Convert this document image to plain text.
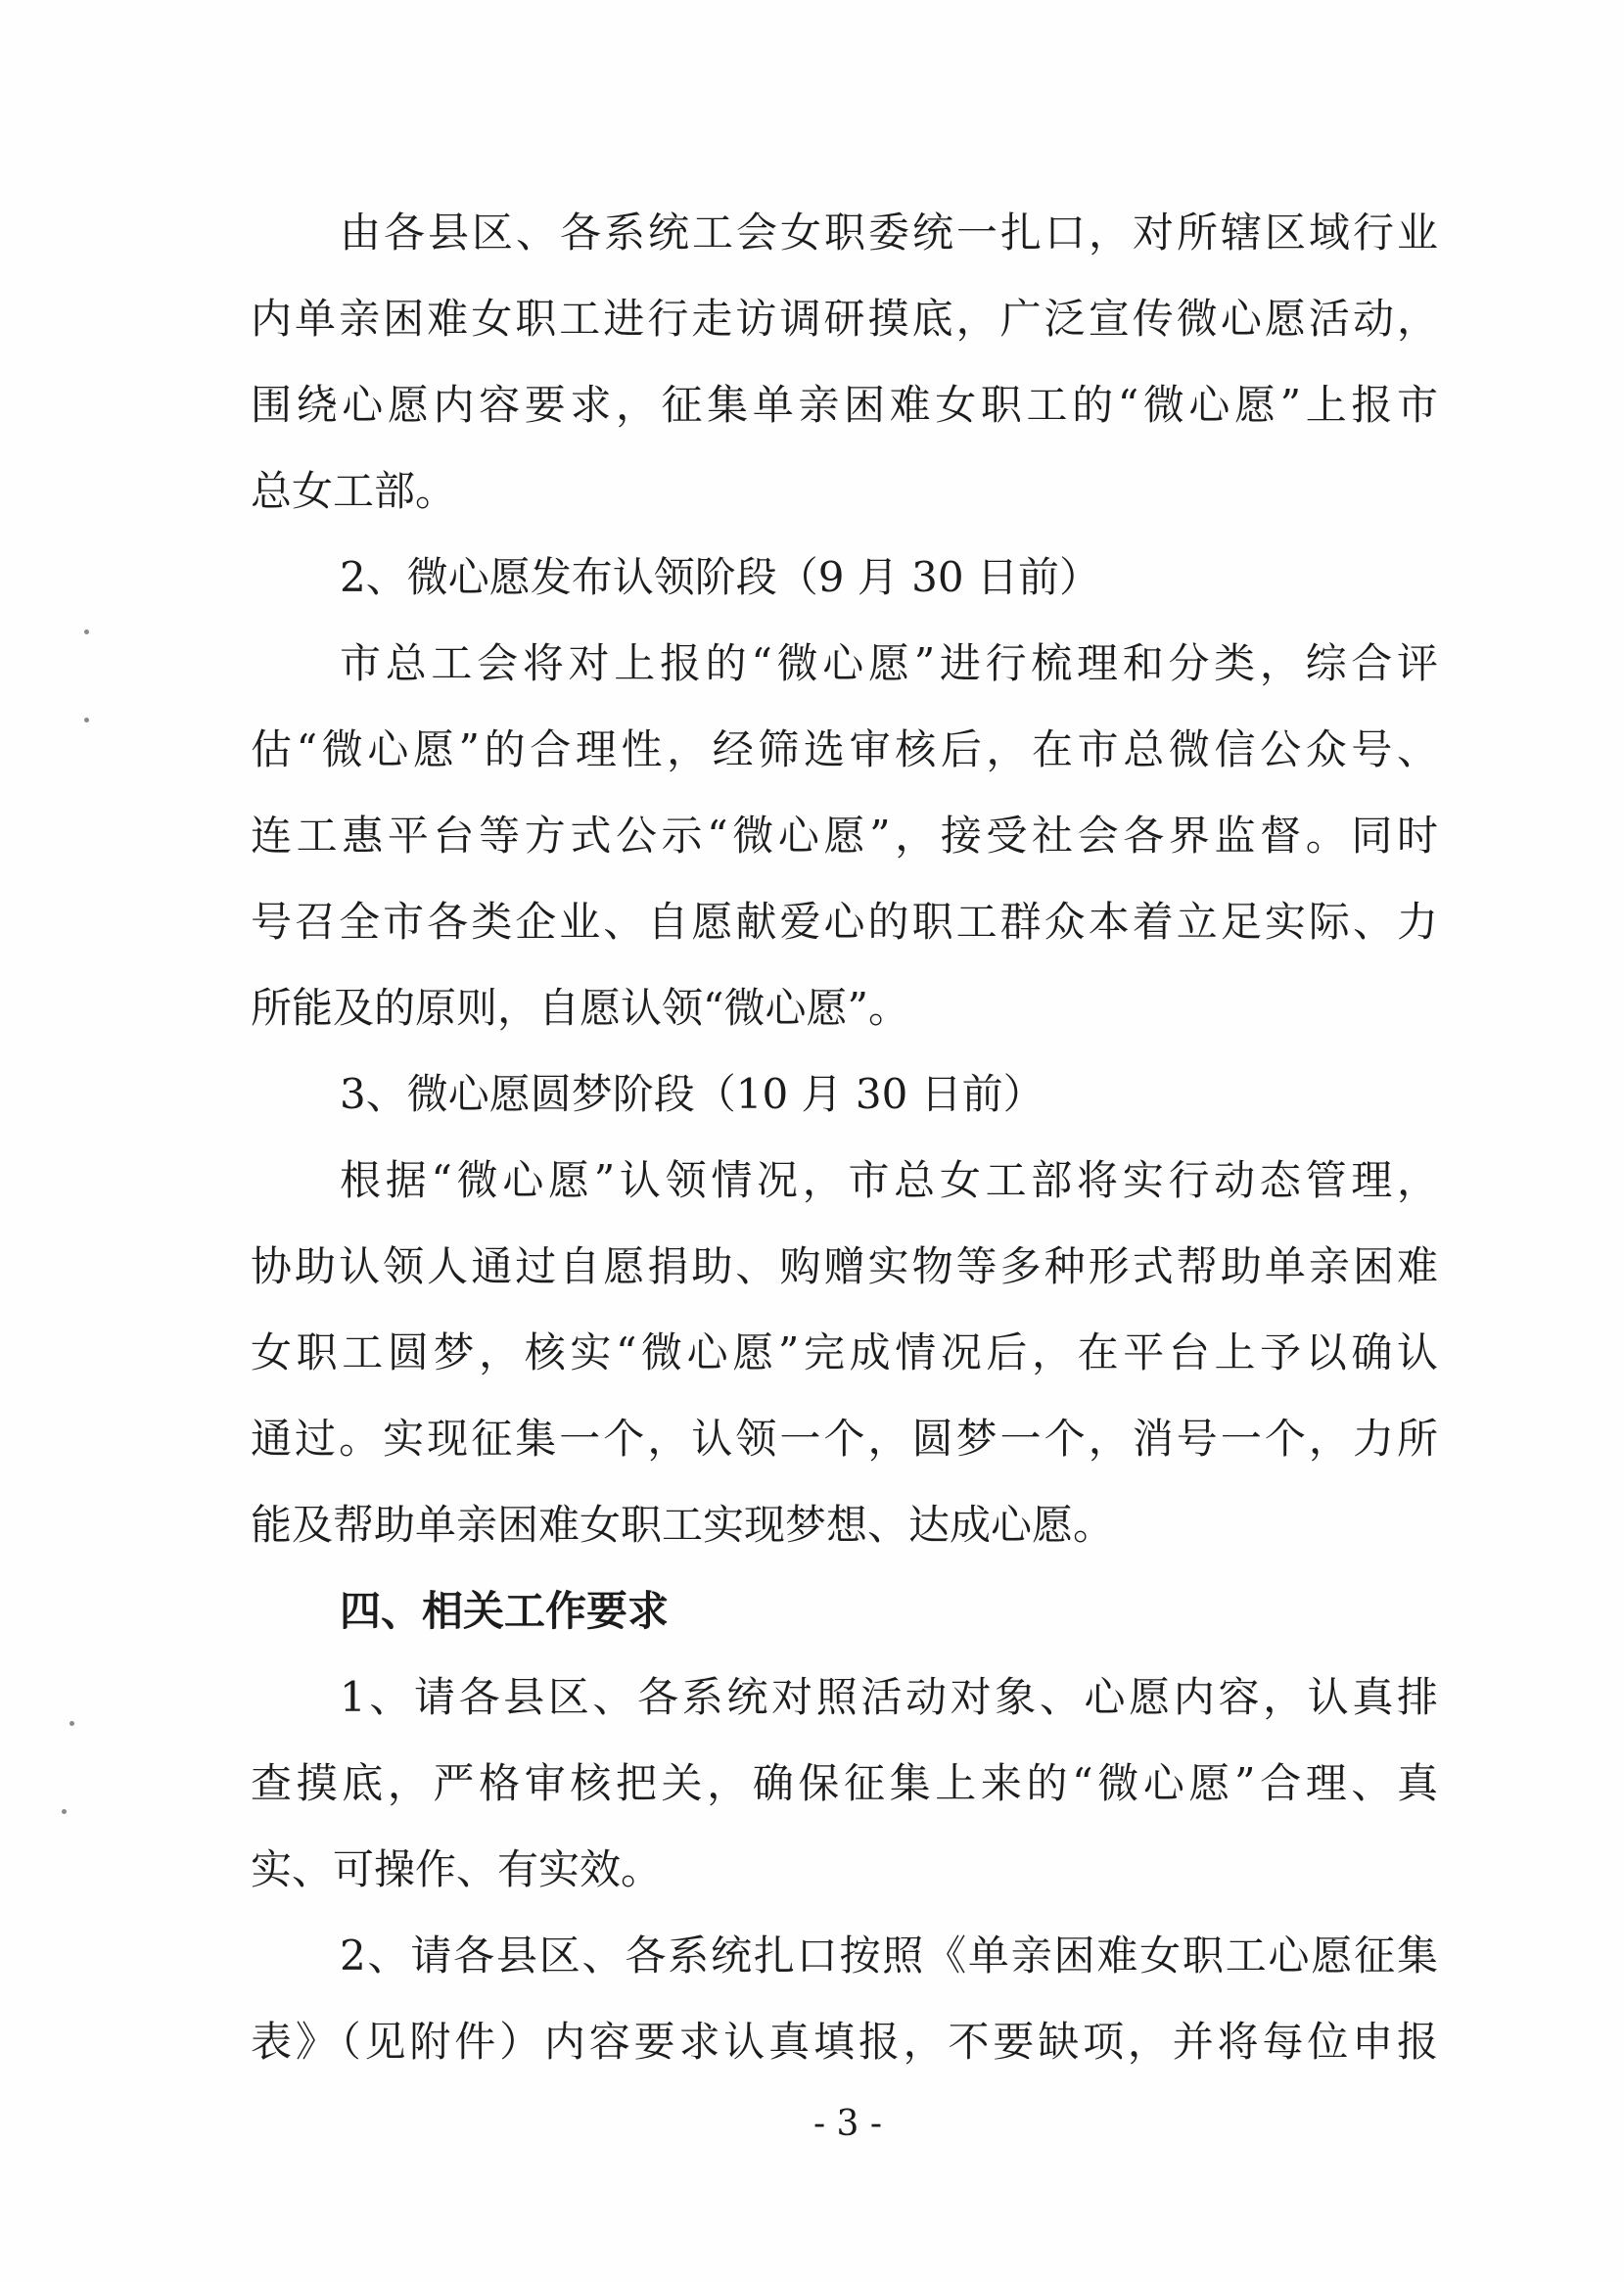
由各县区、各系统工会女职委统一扎口，对所辖区域行业
内单亲困难女职工进行走访调研摸底，广泛宣传微心愿活动，
围绕心愿内容要求，征集单亲困难女职工的“微心愿”上报市
总女工部。
2、微心愿发布认领阶段（9 月 30 日前）
市总工会将对上报的“微心愿”进行梳理和分类，综合评
估“微心愿”的合理性，经筛选审核后，在市总微信公众号、
连工惠平台等方式公示“微心愿”，接受社会各界监督。同时
号召全市各类企业、自愿献爱心的职工群众本着立足实际、力
所能及的原则，自愿认领“微心愿”。
3、微心愿圆梦阶段（10 月 30 日前）
根据“微心愿”认领情况，市总女工部将实行动态管理，
协助认领人通过自愿捐助、购赠实物等多种形式帮助单亲困难
女职工圆梦，核实“微心愿”完成情况后，在平台上予以确认
通过。实现征集一个，认领一个，圆梦一个，消号一个，力所
能及帮助单亲困难女职工实现梦想、达成心愿。
四、相关工作要求
1、请各县区、各系统对照活动对象、心愿内容，认真排
查摸底，严格审核把关，确保征集上来的“微心愿”合理、真
实、可操作、有实效。
2、请各县区、各系统扎口按照《单亲困难女职工心愿征集
表》（见附件）内容要求认真填报，不要缺项，并将每位申报
- 3 -
